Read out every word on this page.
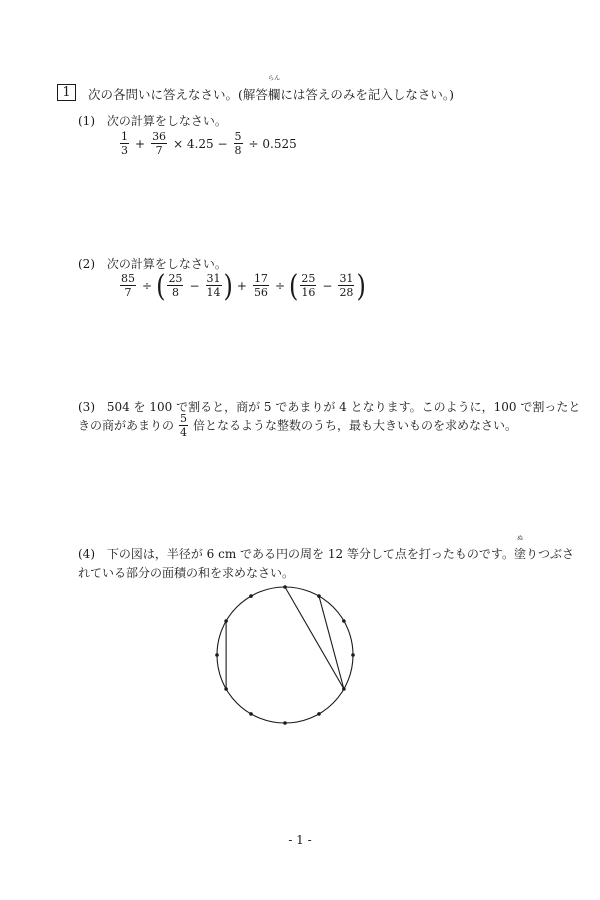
1	次の各問いに答えなさい。(解答
らん
欄には答えのみを記入しなさい。)
(1) 次の計算をしなさい。
$\frac{1}{3} + \frac{36}{7} \times 4.25 - \frac{5}{8} \div 0.525$
(2) 次の計算をしなさい。
$\frac{85}{7}$ ÷ ( $\frac{25}{8} - \frac{31}{14}$ ) + $\frac{17}{56}$ ÷ ( $\frac{25}{16} - \frac{31}{28}$ )
(3) 504 を 100 で割ると，商が 5 であまりが 4 となります。このように，100 で割ったと
きの商があまりの $\frac{5}{4}$ 倍となるような整数のうち，最も大きいものを求めなさい。
(4) 下の図は，半径が 6 cm である円の周を 12 等分して点を打ったものです。
ぬ
塗りつぶさ
れている部分の面積の和を求めなさい。
- 1 -
